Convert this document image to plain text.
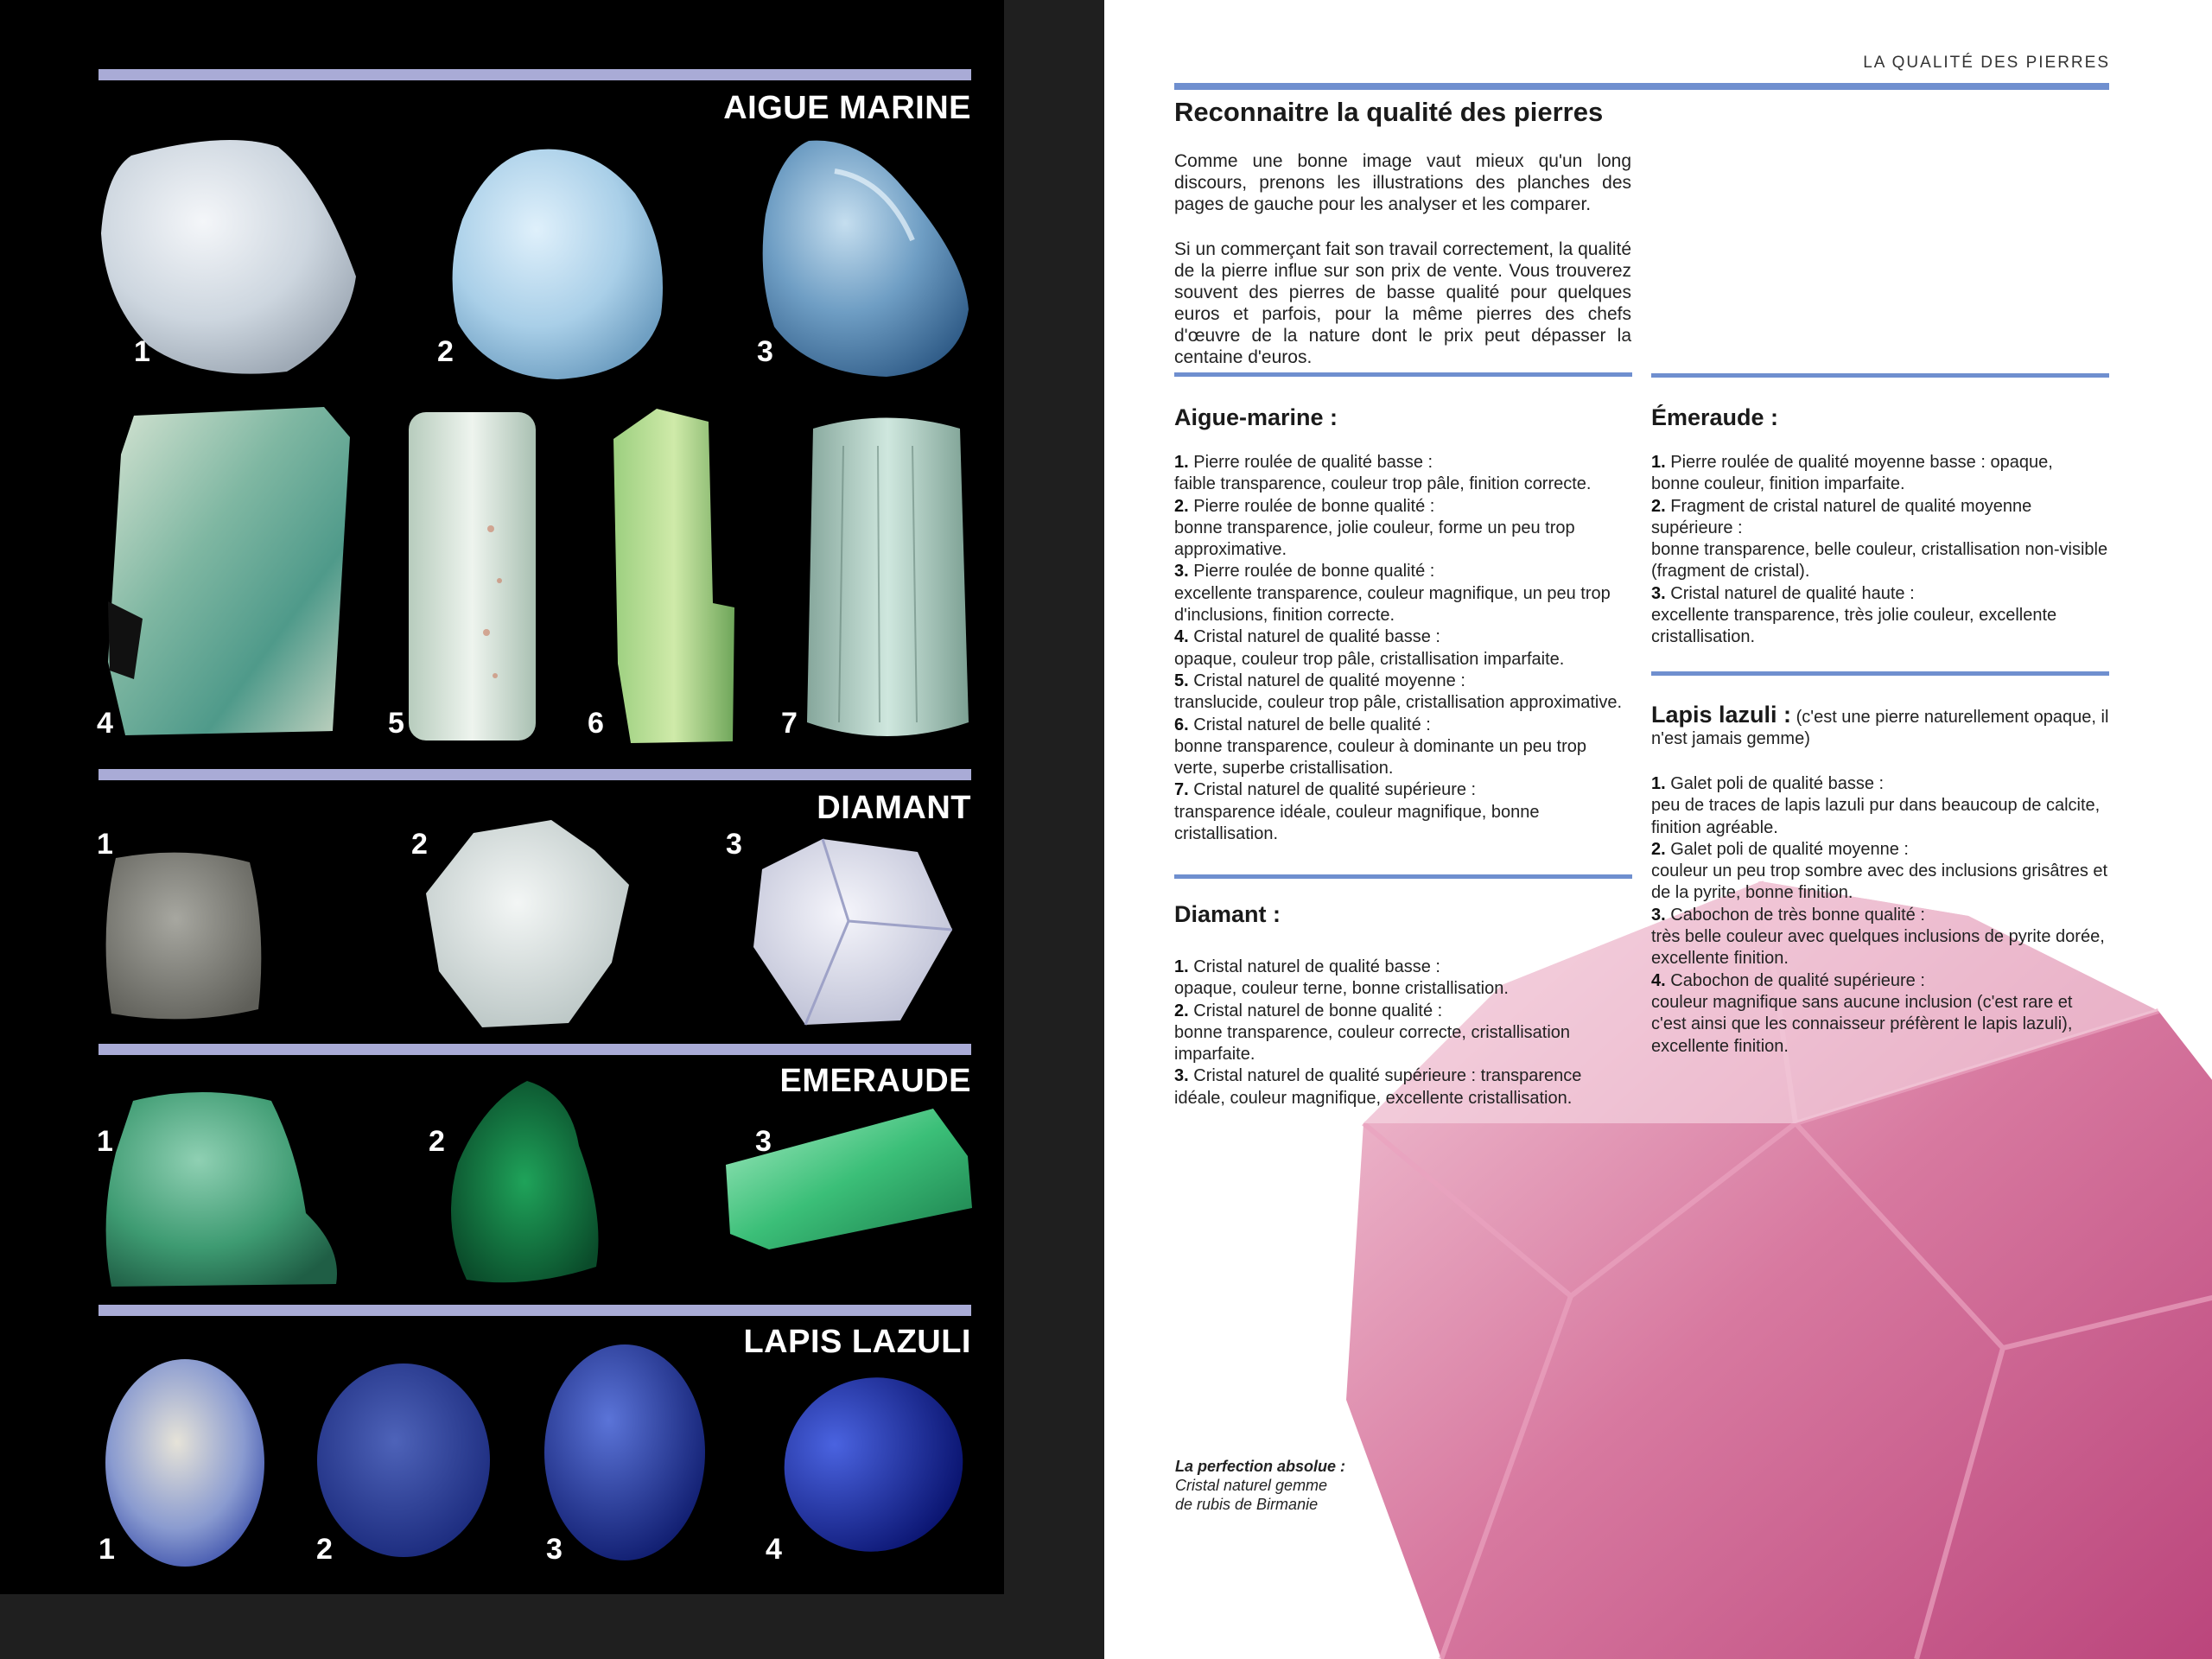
AIGUE MARINE
1	2	3
4	5	6	7
DIAMANT
1	2	3
EMERAUDE
1	2	3
LAPIS LAZULI
1	2	3	4
LA QUALITÉ DES PIERRES
Reconnaitre la qualité des pierres
Comme une bonne image vaut mieux qu'un long discours, prenons les illustrations des planches des pages de gauche pour les analyser et les comparer.
Si un commerçant fait son travail correctement, la qualité de la pierre influe sur son prix de vente. Vous trouverez souvent des pierres de basse qualité pour quelques euros et parfois, pour la même pierres des chefs d'œuvre de la nature dont le prix peut dépasser la centaine d'euros.
Aigue-marine :
1. Pierre roulée de qualité basse :
faible transparence, couleur trop pâle, finition correcte.
2. Pierre roulée de bonne qualité :
bonne transparence, jolie couleur, forme un peu trop approximative.
3. Pierre roulée de bonne qualité :
excellente transparence, couleur magnifique, un peu trop d'inclusions, finition correcte.
4. Cristal naturel de qualité basse :
opaque, couleur trop pâle, cristallisation imparfaite.
5. Cristal naturel de qualité moyenne :
translucide, couleur trop pâle, cristallisation approximative.
6. Cristal naturel de belle qualité :
bonne transparence, couleur à dominante un peu trop verte, superbe cristallisation.
7. Cristal naturel de qualité supérieure :
transparence idéale, couleur magnifique, bonne cristallisation.
Diamant :
1. Cristal naturel de qualité basse :
opaque, couleur terne, bonne cristallisation.
2. Cristal naturel de bonne qualité :
bonne transparence, couleur correcte, cristallisation imparfaite.
3. Cristal naturel de qualité supérieure : transparence
idéale, couleur magnifique, excellente cristallisation.
Émeraude :
1. Pierre roulée de qualité moyenne basse : opaque,
bonne couleur, finition imparfaite.
2. Fragment de cristal naturel de qualité moyenne supérieure :
bonne transparence, belle couleur, cristallisation non-visible (fragment de cristal).
3. Cristal naturel de qualité haute :
excellente transparence, très jolie couleur, excellente cristallisation.
Lapis lazuli : (c'est une pierre naturellement opaque, il n'est jamais gemme)
1. Galet poli de qualité basse :
peu de traces de lapis lazuli pur dans beaucoup de calcite, finition agréable.
2. Galet poli de qualité moyenne :
couleur un peu trop sombre avec des inclusions grisâtres et de la pyrite, bonne finition.
3. Cabochon de très bonne qualité :
très belle couleur avec quelques inclusions de pyrite dorée, excellente finition.
4. Cabochon de qualité supérieure :
couleur magnifique sans aucune inclusion (c'est rare et c'est ainsi que les connaisseur préfèrent le lapis lazuli), excellente finition.
La perfection absolue :
Cristal naturel gemme
de rubis de Birmanie
